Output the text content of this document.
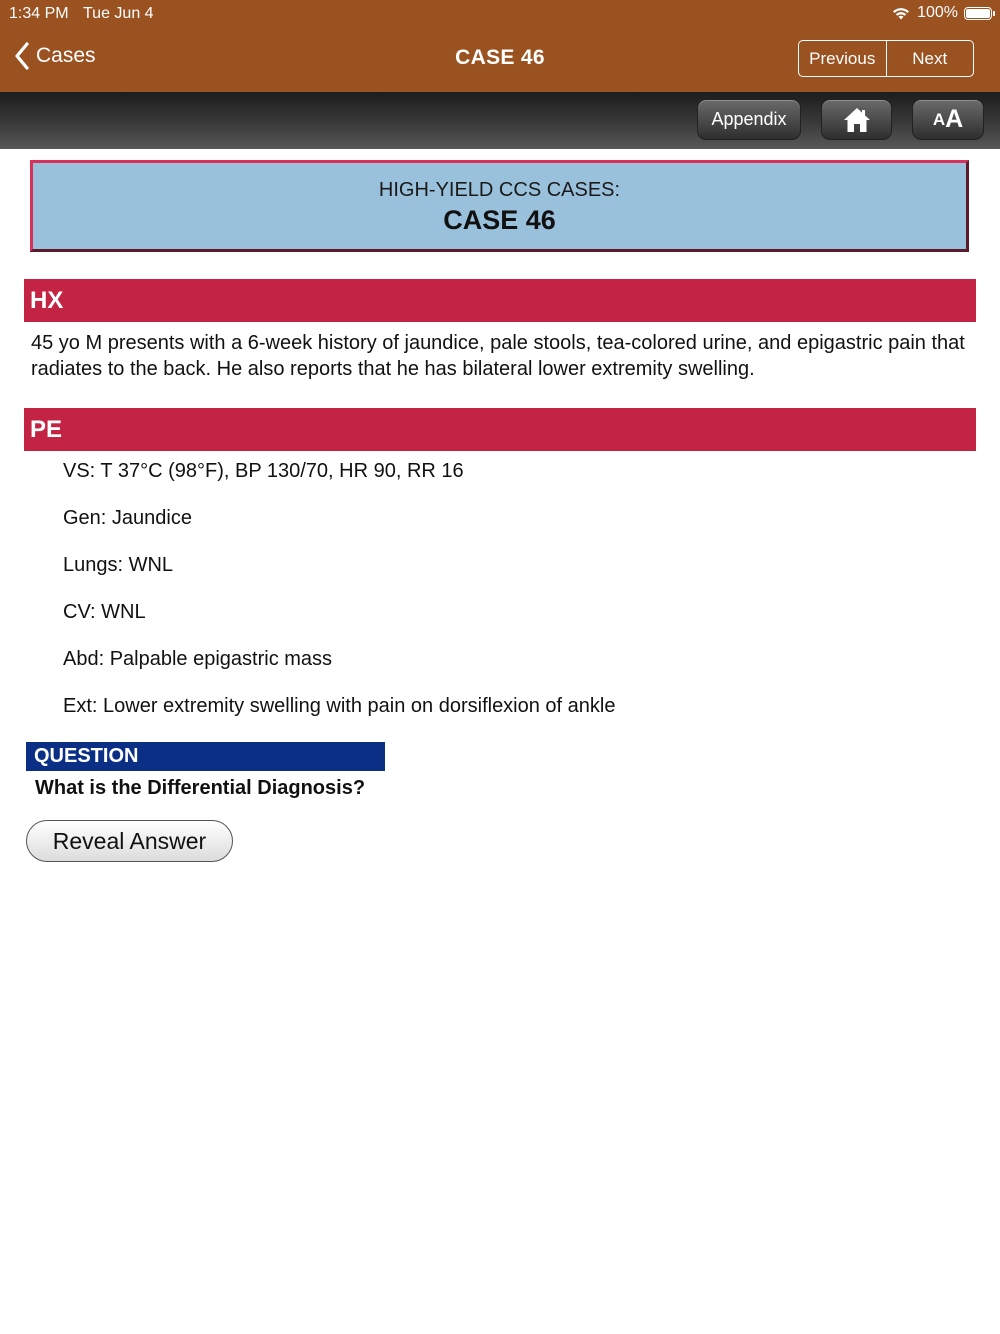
1:34 PM Tue Jun 4	100%
Cases	CASE 46	Previous	Next
Appendix	A A
HIGH-YIELD CCS CASES:
CASE 46
HX
45 yo M presents with a 6-week history of jaundice, pale stools, tea-colored urine, and epigastric pain that radiates to the back. He also reports that he has bilateral lower extremity swelling.
PE
VS: T 37°C (98°F), BP 130/70, HR 90, RR 16
Gen: Jaundice
Lungs: WNL
CV: WNL
Abd: Palpable epigastric mass
Ext: Lower extremity swelling with pain on dorsiflexion of ankle
QUESTION
What is the Differential Diagnosis?
Reveal Answer
